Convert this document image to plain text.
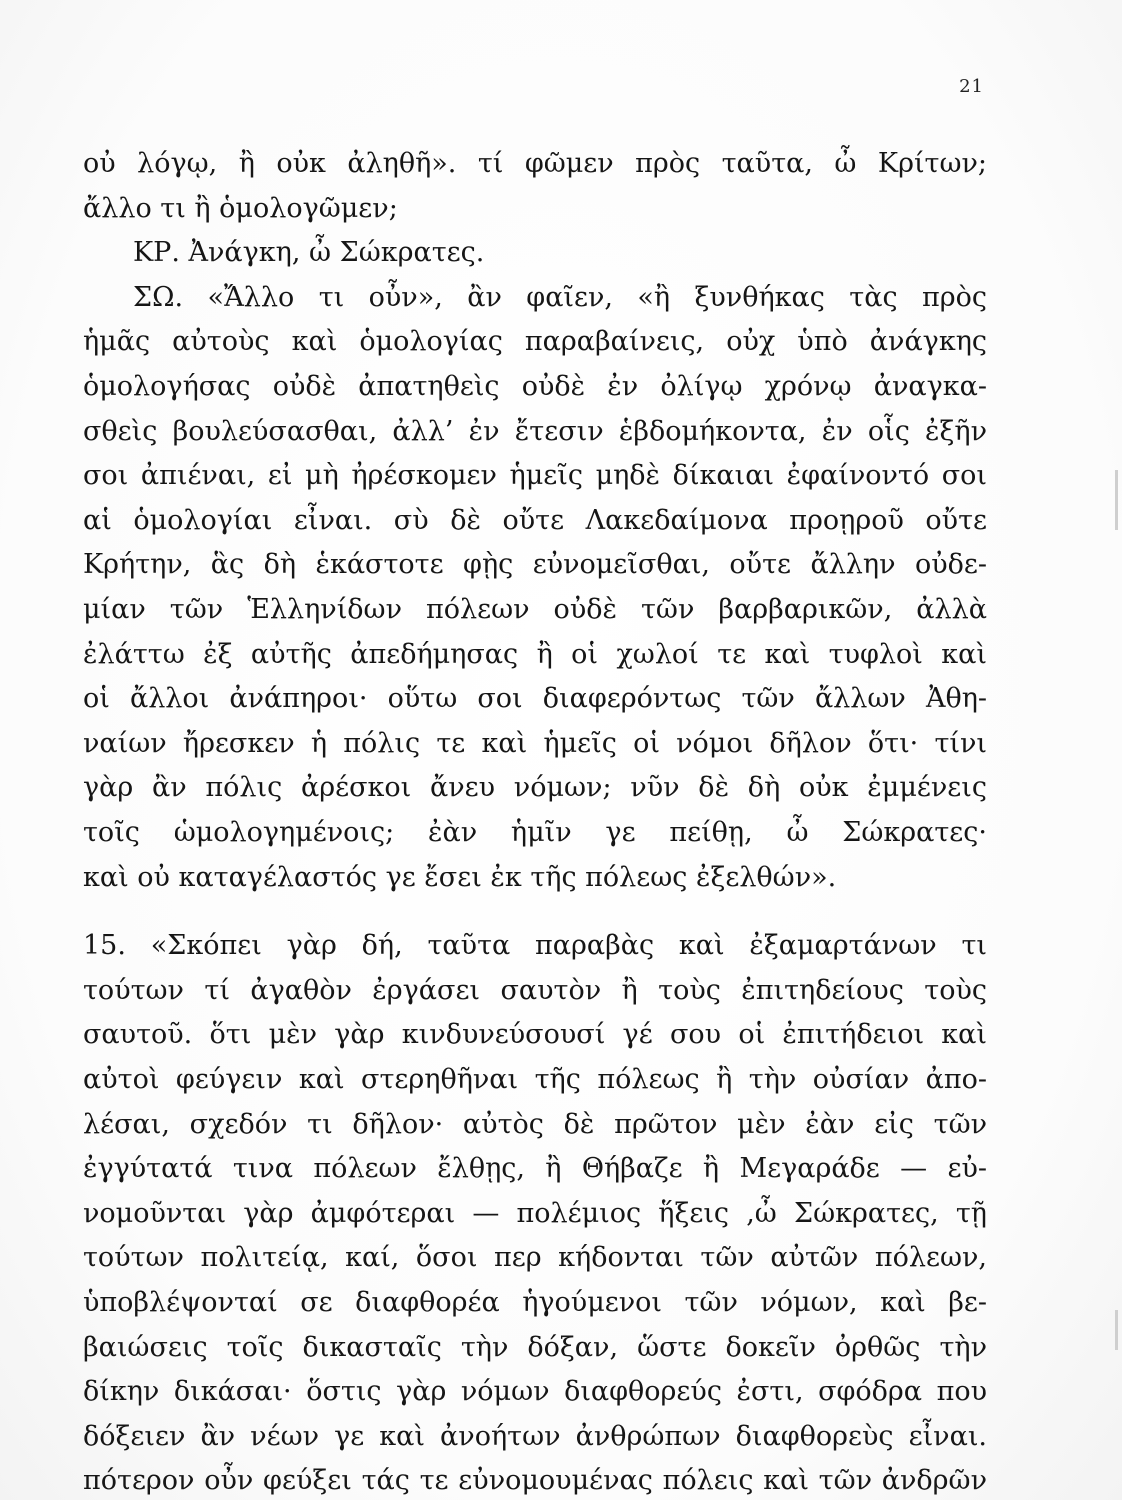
21
οὐ λόγῳ, ἢ οὐκ ἀληθῆ». τί φῶμεν πρὸς ταῦτα, ὦ Κρίτων;
ἄλλο τι ἢ ὁμολογῶμεν;
ΚΡ. Ἀνάγκη, ὦ Σώκρατες.
ΣΩ. «Ἄλλο τι οὖν», ἂν φαῖεν, «ἢ ξυνθήκας τὰς πρὸς
ἡμᾶς αὐτοὺς καὶ ὁμολογίας παραβαίνεις, οὐχ ὑπὸ ἀνάγκης
ὁμολογήσας οὐδὲ ἀπατηθεὶς οὐδὲ ἐν ὀλίγῳ χρόνῳ ἀναγκα-
σθεὶς βουλεύσασθαι, ἀλλ’ ἐν ἔτεσιν ἑβδομήκοντα, ἐν οἷς ἐξῆν
σοι ἀπιέναι, εἰ μὴ ἠρέσκομεν ἡμεῖς μηδὲ δίκαιαι ἐφαίνοντό σοι
αἱ ὁμολογίαι εἶναι. σὺ δὲ οὔτε Λακεδαίμονα προῃροῦ οὔτε
Κρήτην, ἃς δὴ ἑκάστοτε φῂς εὐνομεῖσθαι, οὔτε ἄλλην οὐδε-
μίαν τῶν Ἑλληνίδων πόλεων οὐδὲ τῶν βαρβαρικῶν, ἀλλὰ
ἐλάττω ἐξ αὐτῆς ἀπεδήμησας ἢ οἱ χωλοί τε καὶ τυφλοὶ καὶ
οἱ ἄλλοι ἀνάπηροι· οὕτω σοι διαφερόντως τῶν ἄλλων Ἀθη-
ναίων ἤρεσκεν ἡ πόλις τε καὶ ἡμεῖς οἱ νόμοι δῆλον ὅτι· τίνι
γὰρ ἂν πόλις ἀρέσκοι ἄνευ νόμων; νῦν δὲ δὴ οὐκ ἐμμένεις
τοῖς ὡμολογημένοις; ἐὰν ἡμῖν γε πείθῃ, ὦ Σώκρατες·
καὶ οὐ καταγέλαστός γε ἔσει ἐκ τῆς πόλεως ἐξελθών».
15. «Σκόπει γὰρ δή, ταῦτα παραβὰς καὶ ἐξαμαρτάνων τι
τούτων τί ἀγαθὸν ἐργάσει σαυτὸν ἢ τοὺς ἐπιτηδείους τοὺς
σαυτοῦ. ὅτι μὲν γὰρ κινδυνεύσουσί γέ σου οἱ ἐπιτήδειοι καὶ
αὐτοὶ φεύγειν καὶ στερηθῆναι τῆς πόλεως ἢ τὴν οὐσίαν ἀπο-
λέσαι, σχεδόν τι δῆλον· αὐτὸς δὲ πρῶτον μὲν ἐὰν εἰς τῶν
ἐγγύτατά τινα πόλεων ἔλθῃς, ἢ Θήβαζε ἢ Μεγαράδε — εὐ-
νομοῦνται γὰρ ἀμφότεραι — πολέμιος ἥξεις ,ὦ Σώκρατες, τῇ
τούτων πολιτείᾳ, καί, ὅσοι περ κήδονται τῶν αὐτῶν πόλεων,
ὑποβλέψονταί σε διαφθορέα ἡγούμενοι τῶν νόμων, καὶ βε-
βαιώσεις τοῖς δικασταῖς τὴν δόξαν, ὥστε δοκεῖν ὀρθῶς τὴν
δίκην δικάσαι· ὅστις γὰρ νόμων διαφθορεύς ἐστι, σφόδρα που
δόξειεν ἂν νέων γε καὶ ἀνοήτων ἀνθρώπων διαφθορεὺς εἶναι.
πότερον οὖν φεύξει τάς τε εὐνομουμένας πόλεις καὶ τῶν ἀνδρῶν
